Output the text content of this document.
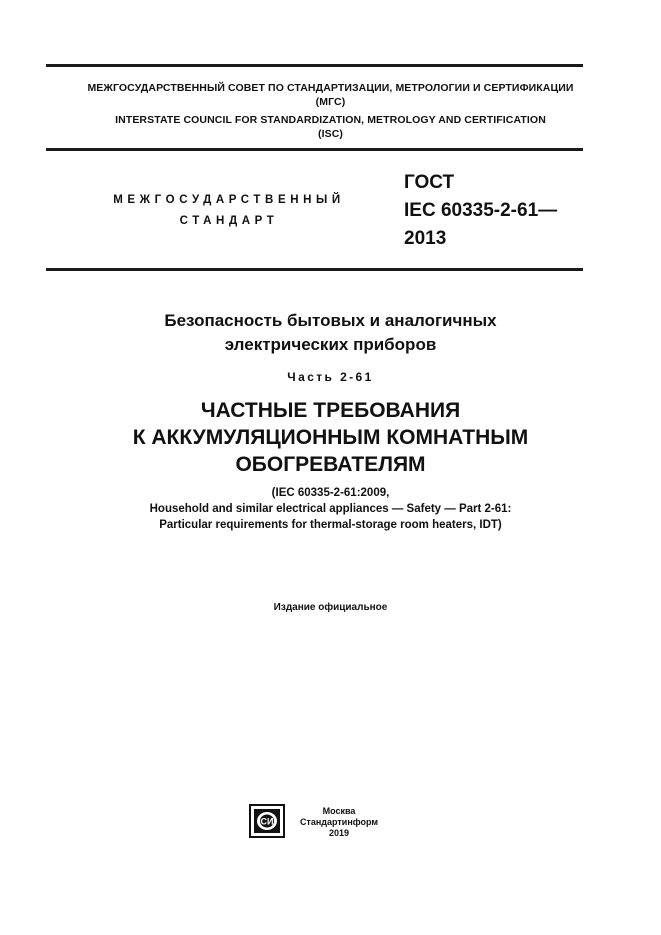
МЕЖГОСУДАРСТВЕННЫЙ СОВЕТ ПО СТАНДАРТИЗАЦИИ, МЕТРОЛОГИИ И СЕРТИФИКАЦИИ
(МГС)
INTERSTATE COUNCIL FOR STANDARDIZATION, METROLOGY AND CERTIFICATION
(ISC)
МЕЖГОСУДАРСТВЕННЫЙ
СТАНДАРТ
ГОСТ
IEC 60335-2-61—
2013
Безопасность бытовых и аналогичных
электрических приборов
Часть 2-61
ЧАСТНЫЕ ТРЕБОВАНИЯ
К АККУМУЛЯЦИОННЫМ КОМНАТНЫМ
ОБОГРЕВАТЕЛЯМ
(IEC 60335-2-61:2009,
Household and similar electrical appliances — Safety — Part 2-61:
Particular requirements for thermal-storage room heaters, IDT)
Издание официальное
СИ
Москва
Стандартинформ
2019
